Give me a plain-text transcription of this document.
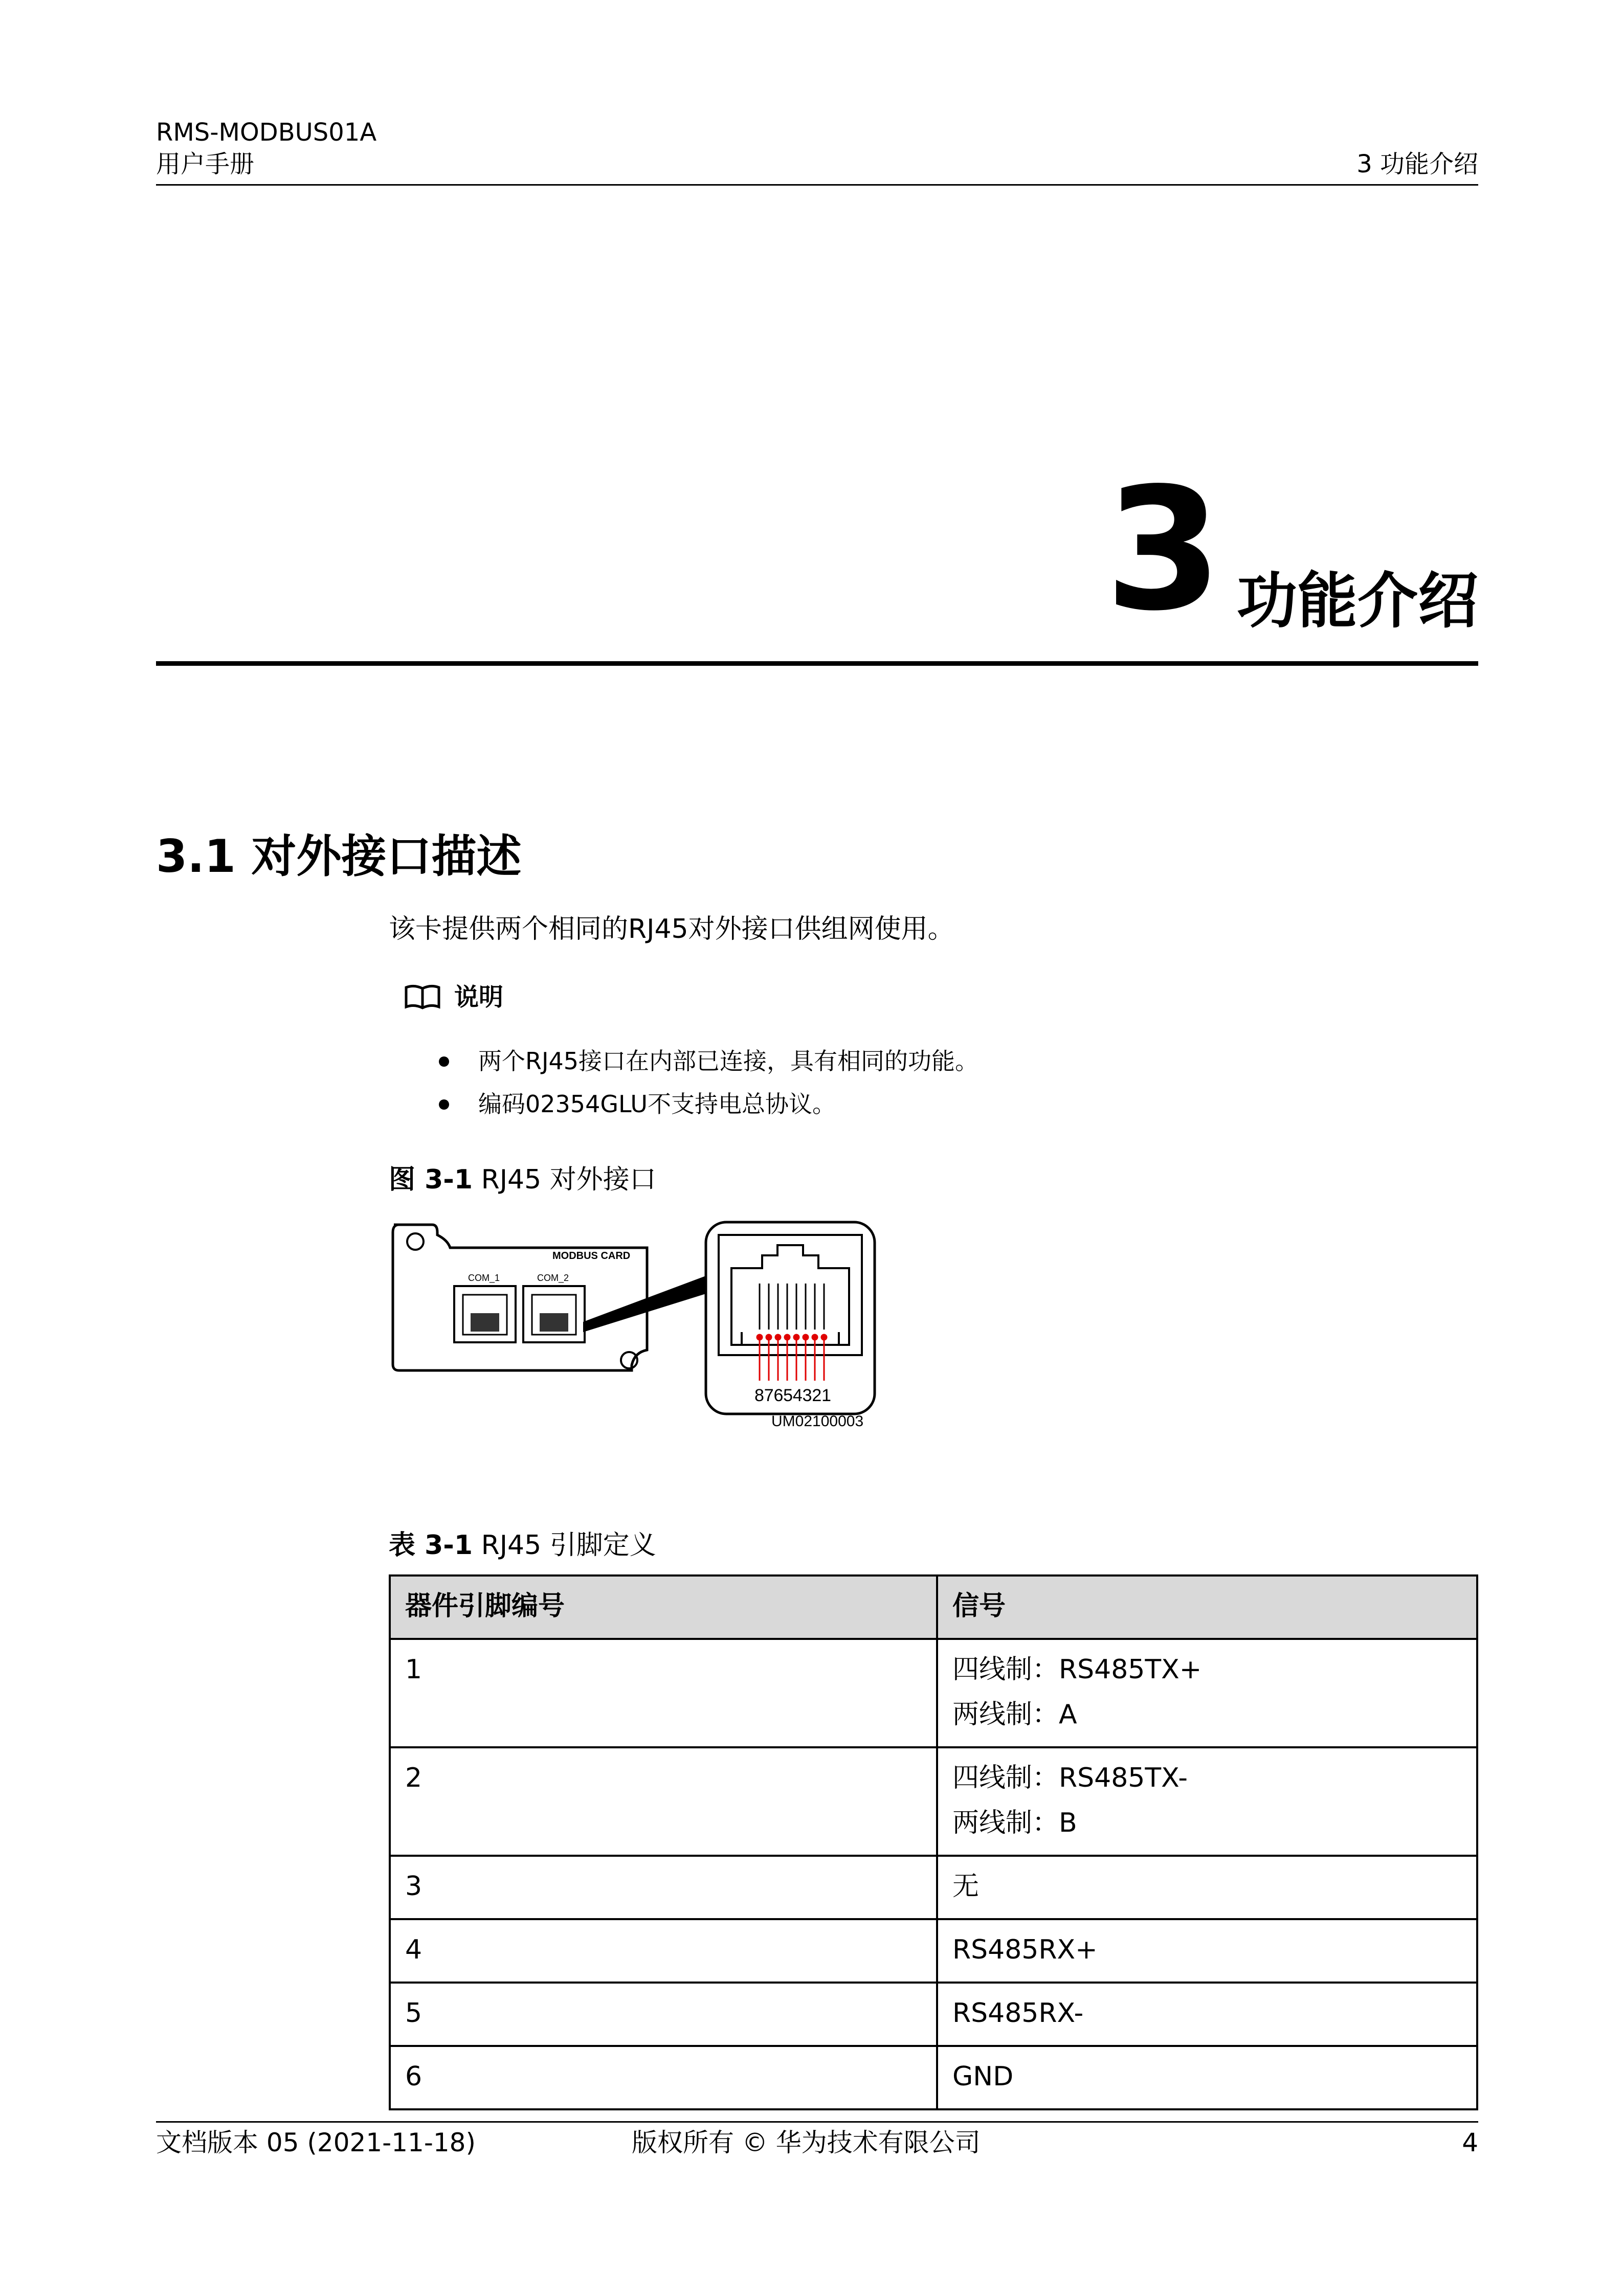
RMS-MODBUS01A
用户手册	3 功能介绍
3 功能介绍
3.1 对外接口描述
该卡提供两个相同的RJ45对外接口供组网使用。
说明
两个RJ45接口在内部已连接，具有相同的功能。
编码02354GLU不支持电总协议。
图 3-1 RJ45 对外接口
MODBUS CARD
COM_1	COM_2
87654321
UM02100003
表 3-1 RJ45 引脚定义
器件引脚编号	信号
1	四线制：RS485TX+
两线制：A

2	四线制：RS485TX-
两线制：B

3	无

4	RS485RX+

5	RS485RX-

6	GND
文档版本 05 (2021-11-18)	版权所有 © 华为技术有限公司	4
